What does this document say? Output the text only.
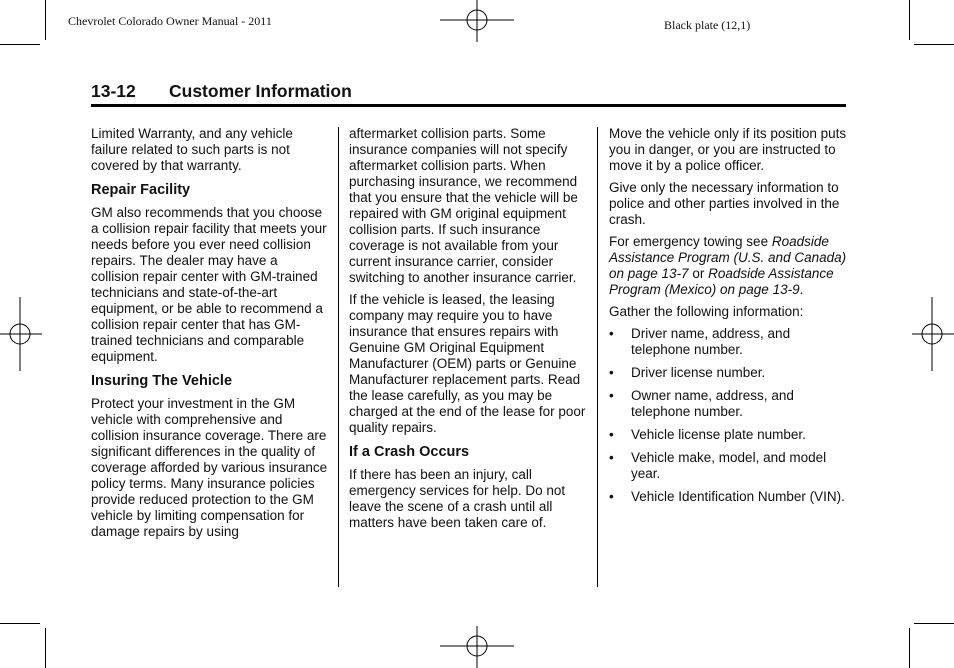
Chevrolet Colorado Owner Manual - 2011	Black plate (12,1)
13-12 Customer Information

Limited Warranty, and any vehicle failure related to such parts is not covered by that warranty.

Repair Facility

GM also recommends that you choose a collision repair facility that meets your needs before you ever need collision repairs. The dealer may have a collision repair center with GM-trained technicians and state-of-the-art equipment, or be able to recommend a collision repair center that has GM-trained technicians and comparable equipment.

Insuring The Vehicle

Protect your investment in the GM vehicle with comprehensive and collision insurance coverage. There are significant differences in the quality of coverage afforded by various insurance policy terms. Many insurance policies provide reduced protection to the GM vehicle by limiting compensation for damage repairs by using

aftermarket collision parts. Some insurance companies will not specify aftermarket collision parts. When purchasing insurance, we recommend that you ensure that the vehicle will be repaired with GM original equipment collision parts. If such insurance coverage is not available from your current insurance carrier, consider switching to another insurance carrier.

If the vehicle is leased, the leasing company may require you to have insurance that ensures repairs with Genuine GM Original Equipment Manufacturer (OEM) parts or Genuine Manufacturer replacement parts. Read the lease carefully, as you may be charged at the end of the lease for poor quality repairs.

If a Crash Occurs

If there has been an injury, call emergency services for help. Do not leave the scene of a crash until all matters have been taken care of.

Move the vehicle only if its position puts you in danger, or you are instructed to move it by a police officer.

Give only the necessary information to police and other parties involved in the crash.

For emergency towing see Roadside Assistance Program (U.S. and Canada) on page 13-7 or Roadside Assistance Program (Mexico) on page 13-9.

Gather the following information:

• Driver name, address, and telephone number.
• Driver license number.
• Owner name, address, and telephone number.
• Vehicle license plate number.
• Vehicle make, model, and model year.
• Vehicle Identification Number (VIN).
